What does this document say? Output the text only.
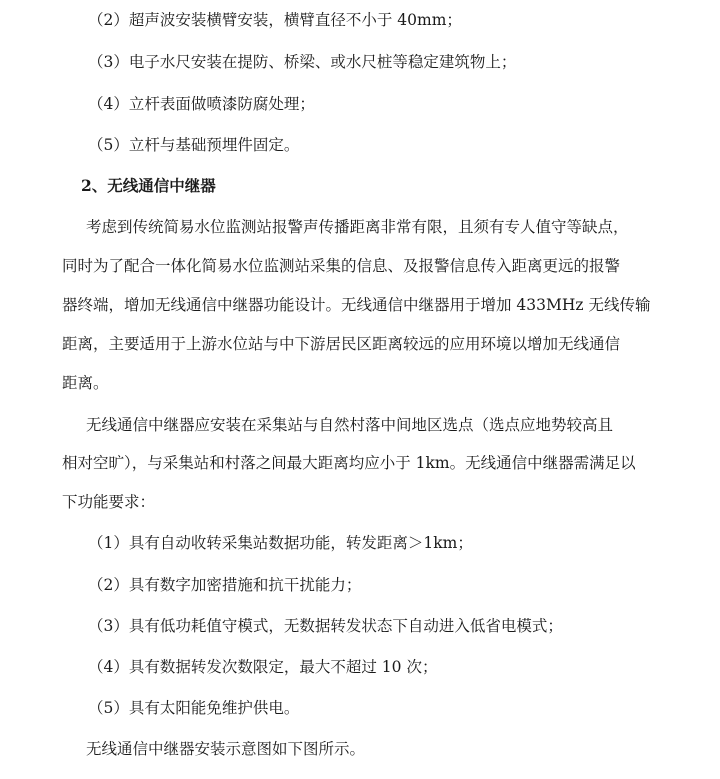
（2）超声波安装横臂安装，横臂直径不小于 40mm；
（3）电子水尺安装在提防、桥梁、或水尺桩等稳定建筑物上；
（4）立杆表面做喷漆防腐处理；
（5）立杆与基础预埋件固定。
2、无线通信中继器
考虑到传统简易水位监测站报警声传播距离非常有限，且须有专人值守等缺点，
同时为了配合一体化简易水位监测站采集的信息、及报警信息传入距离更远的报警
器终端，增加无线通信中继器功能设计。无线通信中继器用于增加 433MHz 无线传输
距离，主要适用于上游水位站与中下游居民区距离较远的应用环境以增加无线通信
距离。
无线通信中继器应安装在采集站与自然村落中间地区选点（选点应地势较高且
相对空旷），与采集站和村落之间最大距离均应小于 1km。无线通信中继器需满足以
下功能要求：
（1）具有自动收转采集站数据功能，转发距离＞1km；
（2）具有数字加密措施和抗干扰能力；
（3）具有低功耗值守模式，无数据转发状态下自动进入低省电模式；
（4）具有数据转发次数限定，最大不超过 10 次；
（5）具有太阳能免维护供电。
无线通信中继器安装示意图如下图所示。
